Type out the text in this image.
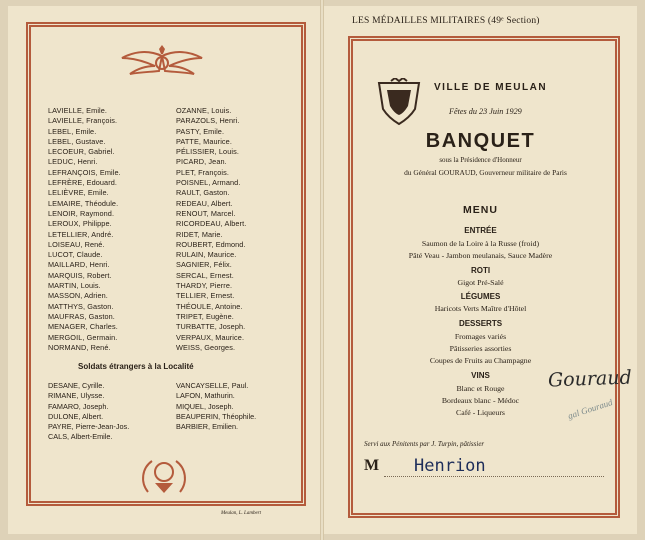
LAVIELLE, Emile.
LAVIELLE, François.
LEBEL, Emile.
LEBEL, Gustave.
LECOEUR, Gabriel.
LEDUC, Henri.
LEFRANÇOIS, Emile.
LEFRÈRE, Edouard.
LELIÈVRE, Emile.
LEMAIRE, Théodule.
LENOIR, Raymond.
LEROUX, Philippe.
LETELLIER, André.
LOISEAU, René.
LUCOT, Claude.
MAILLARD, Henri.
MARQUIS, Robert.
MARTIN, Louis.
MASSON, Adrien.
MATTHYS, Gaston.
MAUFRAS, Gaston.
MENAGER, Charles.
MERGOIL, Germain.
NORMAND, René.
OZANNE, Louis.
PARAZOLS, Henri.
PASTY, Emile.
PATTE, Maurice.
PÉLISSIER, Louis.
PICARD, Jean.
PLET, François.
POISNEL, Armand.
RAULT, Gaston.
REDEAU, Albert.
RENOUT, Marcel.
RICORDEAU, Albert.
RIDET, Marie.
ROUBERT, Edmond.
RULAIN, Maurice.
SAGNIER, Félix.
SERCAL, Ernest.
THARDY, Pierre.
TELLIER, Ernest.
THÉOULE, Antoine.
TRIPET, Eugène.
TURBATTE, Joseph.
VERPAUX, Maurice.
WEISS, Georges.
Soldats étrangers à la Localité
DESANE, Cyrille.
RIMANE, Ulysse.
FAMARO, Joseph.
DULONE, Albert.
PAYRE, Pierre-Jean-Jos.
CALS, Albert-Emile.
VANCAYSELLE, Paul.
LAFON, Mathurin.
MIQUEL, Joseph.
BEAUPERIN, Théophile.
BARBIER, Emilien.
Meulan, L. Lambert
LES MÉDAILLES MILITAIRES (49ᵉ Section)
VILLE DE MEULAN
Fêtes du 23 Juin 1929
BANQUET
sous la Présidence d'Honneur
du Général GOURAUD, Gouverneur militaire de Paris
MENU
ENTRÉE
Saumon de la Loire à la Russe (froid)
Pâté Veau - Jambon meulanais, Sauce Madère
ROTI
Gigot Pré-Salé
LÉGUMES
Haricots Verts Maître d'Hôtel
DESSERTS
Fromages variés
Pâtisseries assorties
Coupes de Fruits au Champagne
VINS
Blanc et Rouge
Bordeaux blanc - Médoc
Café - Liqueurs
Servi aux Pénitents par J. Turpin, pâtissier
M Henrion
Gouraud
gal Gouraud
